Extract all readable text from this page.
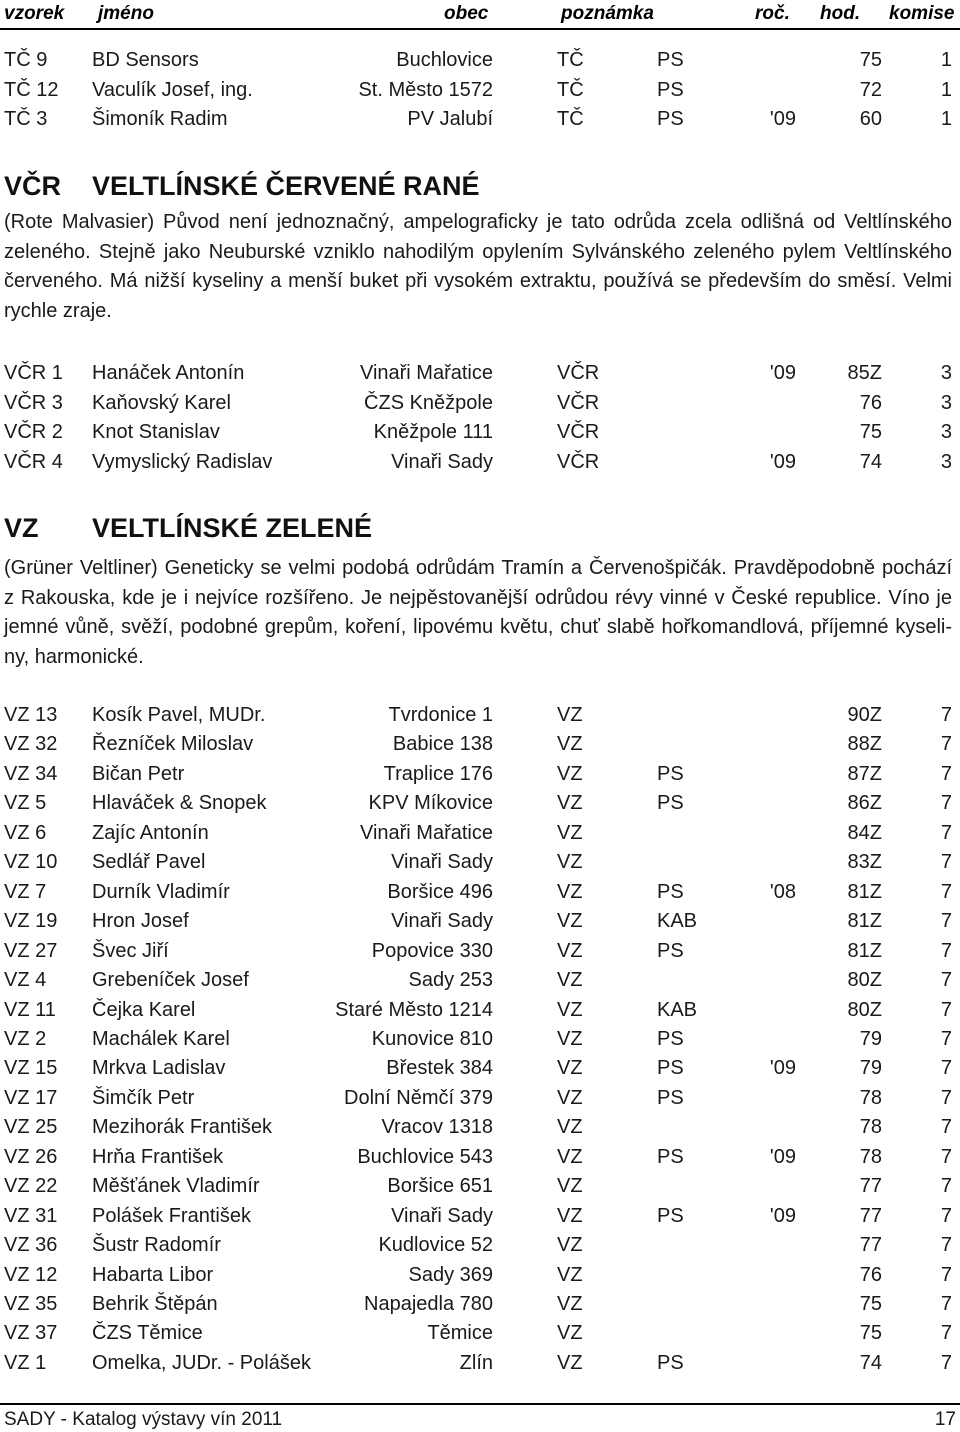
vzorek jméno	obec	poznámka	roč. hod. komise
TČ 9 BD Sensors	Buchlovice	TČ	PS	75	1
TČ 12 Vaculík Josef, ing.	St. Město 1572	TČ	PS	72	1
TČ 3 Šimoník Radim	PV Jalubí	TČ	PS	'09	60	1
VČR VELTLÍNSKÉ ČERVENÉ RANÉ
(Rote Malvasier) Původ není jednoznačný, ampelograficky je tato odrůda zcela odlišná od Veltlínského zeleného. Stejně jako Neuburské vzniklo nahodilým opylením Sylvánského zeleného pylem Veltlínského červeného. Má nižší kyseliny a menší buket při vysokém extraktu, používá se především do směsí. Velmi rychle zraje.
VČR 1 Hanáček Antonín	Vinaři Mařatice	VČR	'09	85Z	3
VČR 3 Kaňovský Karel	ČZS Kněžpole	VČR	76	3
VČR 2 Knot Stanislav	Kněžpole 111	VČR	75	3
VČR 4 Vymyslický Radislav	Vinaři Sady	VČR	'09	74	3
VZ VELTLÍNSKÉ ZELENÉ
(Grüner Veltliner) Geneticky se velmi podobá odrůdám Tramín a Červenošpičák. Pravděpodobně pochází z Rakouska, kde je i nejvíce rozšířeno. Je nejpěstovanější odrůdou révy vinné v České republice. Víno je jemné vůně, svěží, podobné grepům, koření, lipovému květu, chuť slabě hořkomandlová, příjemné kyseli-ny, harmonické.
VZ 13 Kosík Pavel, MUDr.	Tvrdonice 1	VZ	90Z	7
VZ 32 Řezníček Miloslav	Babice 138	VZ	88Z	7
VZ 34 Bičan Petr	Traplice 176	VZ	PS	87Z	7
VZ 5 Hlaváček & Snopek	KPV Míkovice	VZ	PS	86Z	7
VZ 6 Zajíc Antonín	Vinaři Mařatice	VZ	84Z	7
VZ 10 Sedlář Pavel	Vinaři Sady	VZ	83Z	7
VZ 7 Durník Vladimír	Boršice 496	VZ	PS	'08	81Z	7
VZ 19 Hron Josef	Vinaři Sady	VZ	KAB	81Z	7
VZ 27 Švec Jiří	Popovice 330	VZ	PS	81Z	7
VZ 4 Grebeníček Josef	Sady 253	VZ	80Z	7
VZ 11 Čejka Karel	Staré Město 1214	VZ	KAB	80Z	7
VZ 2 Machálek Karel	Kunovice 810	VZ	PS	79	7
VZ 15 Mrkva Ladislav	Břestek 384	VZ	PS	'09	79	7
VZ 17 Šimčík Petr	Dolní Němčí 379	VZ	PS	78	7
VZ 25 Mezihorák František	Vracov 1318	VZ	78	7
VZ 26 Hrňa František	Buchlovice 543	VZ	PS	'09	78	7
VZ 22 Měšťánek Vladimír	Boršice 651	VZ	77	7
VZ 31 Polášek František	Vinaři Sady	VZ	PS	'09	77	7
VZ 36 Šustr Radomír	Kudlovice 52	VZ	77	7
VZ 12 Habarta Libor	Sady 369	VZ	76	7
VZ 35 Behrik Štěpán	Napajedla 780	VZ	75	7
VZ 37 ČZS Těmice	Těmice	VZ	75	7
VZ 1 Omelka, JUDr. - Polášek	Zlín	VZ	PS	74	7
SADY - Katalog výstavy vín 2011	17
